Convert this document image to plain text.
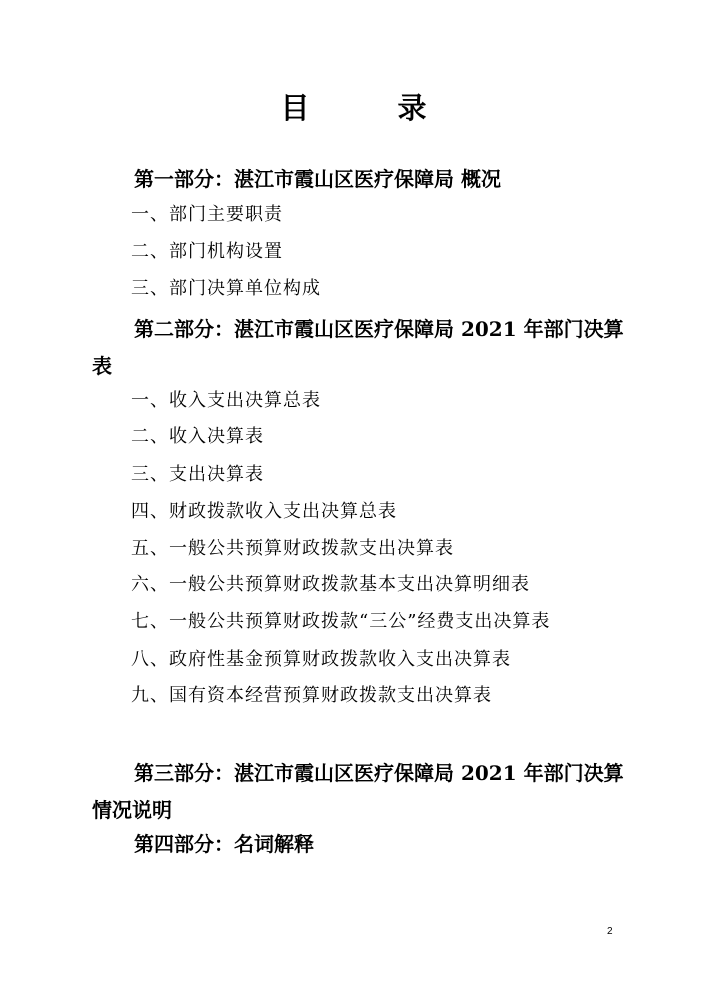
目	录
第一部分：湛江市霞山区医疗保障局 概况
一、部门主要职责
二、部门机构设置
三、部门决算单位构成
第二部分：湛江市霞山区医疗保障局 2021 年部门决算表
一、收入支出决算总表
二、收入决算表
三、支出决算表
四、财政拨款收入支出决算总表
五、一般公共预算财政拨款支出决算表
六、一般公共预算财政拨款基本支出决算明细表
七、一般公共预算财政拨款“三公”经费支出决算表
八、政府性基金预算财政拨款收入支出决算表
九、国有资本经营预算财政拨款支出决算表
第三部分：湛江市霞山区医疗保障局 2021 年部门决算情况说明
第四部分：名词解释
2
